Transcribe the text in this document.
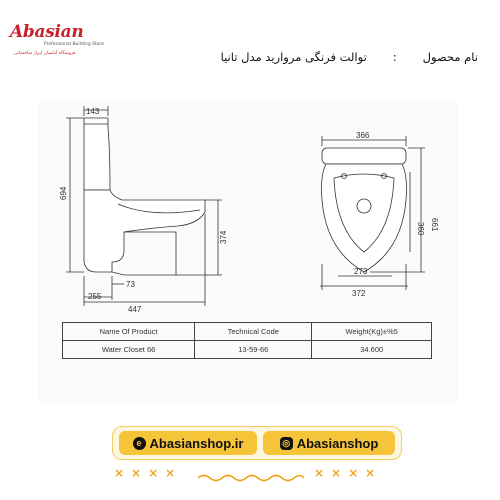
Abasian
Professional Building Store
فروشگاه آباسیان ابزار ساختمانی	نام محصول:توالت فرنگی مروارید مدل تانیا
143
694
374
73
255
447
366
661
360
273
372
Name Of Product	Technical Code	Weight(Kg)±%5
Water Closet 66	13-59-66	34.600
e Abasianshop.ir	◎ Abasianshop
××××	××××
